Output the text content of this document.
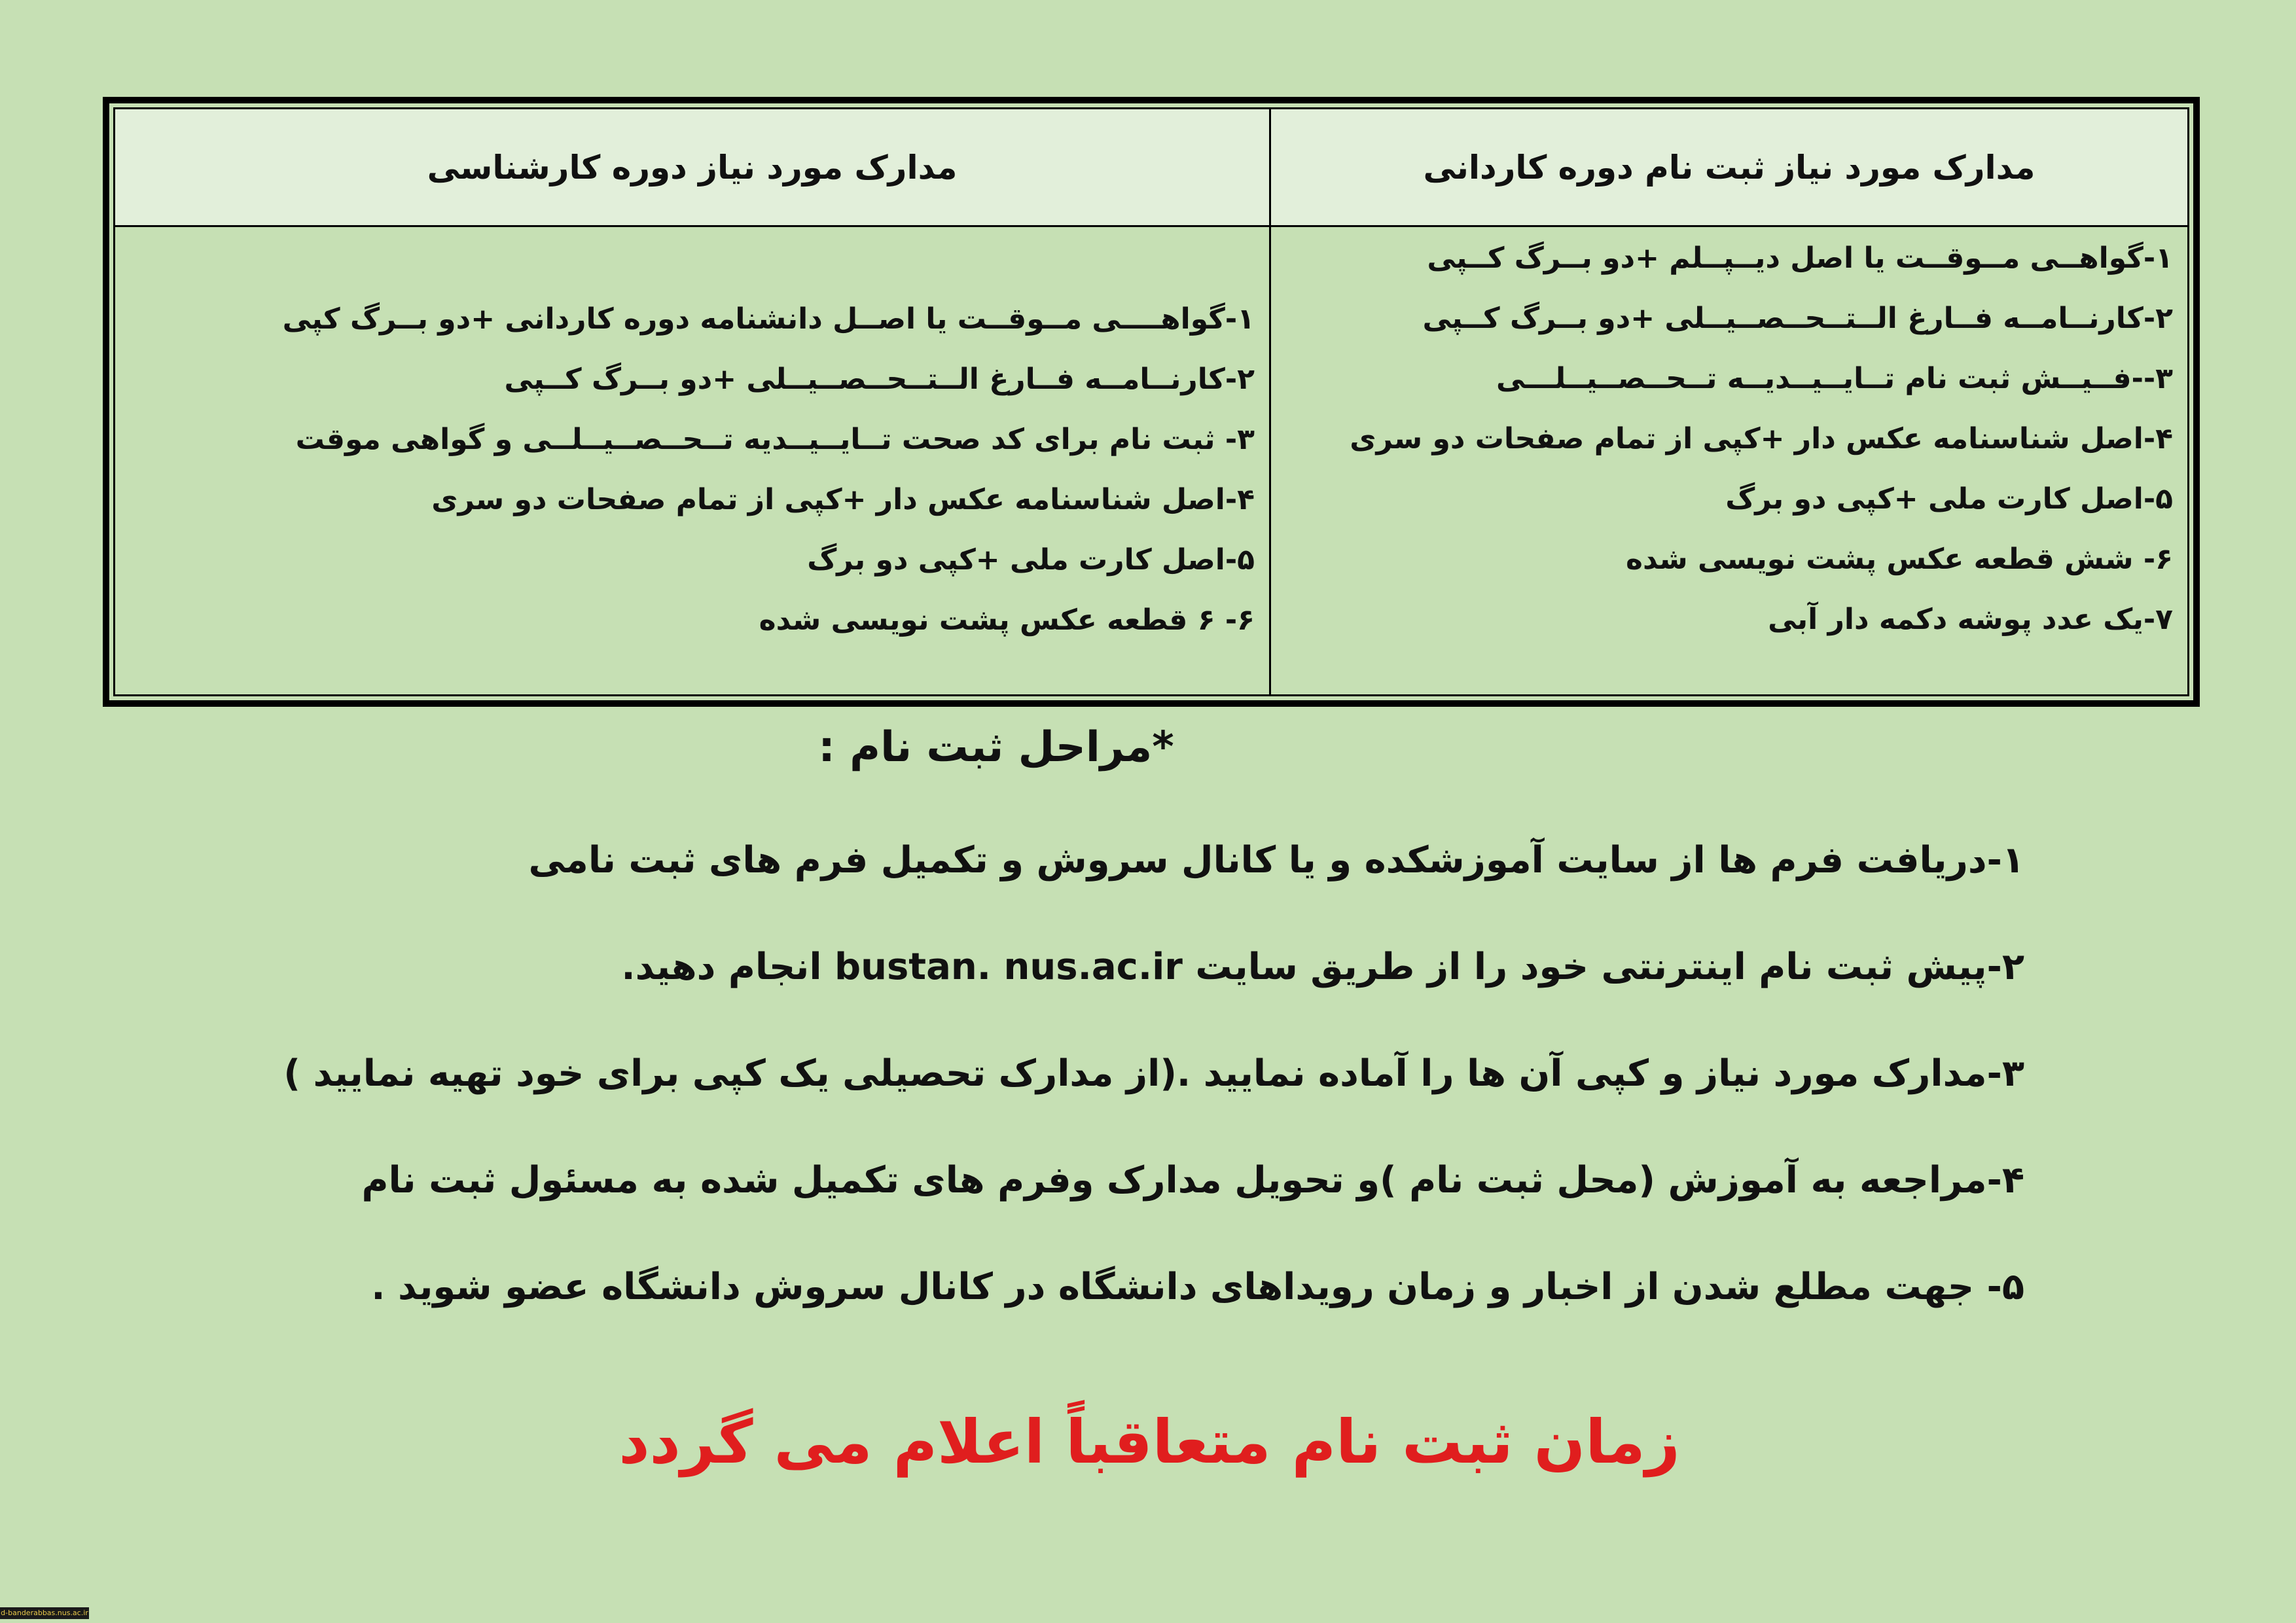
مدارک مورد نیاز دوره کارشناسی	مدارک مورد نیاز ثبت نام دوره کاردانی
۱-گواهــــی مــوقــت یا اصــل دانشنامه دوره کاردانی +دو بــرگ کپی
۲-کارنــامــه فــارغ الــتــحــصــیــلی +دو بــرگ کــپی
۳- ثبت نام برای کد صحت تــایــیــدیه تــحــصــیــلــی و گواهی موقت
۴-اصل شناسنامه عکس دار +کپی از تمام صفحات دو سری
۵-اصل کارت ملی +کپی دو برگ
۶- ۶ قطعه عکس پشت نویسی شده
۱-گواهــی مــوقــت یا اصل دیــپــلم +دو بــرگ کــپی
۲-کارنــامــه فــارغ الــتــحــصــیــلی +دو بــرگ کــپی
۳--فــیــش ثبت نام تــایــیــدیــه تــحــصــیــلـــی
۴-اصل شناسنامه عکس دار +کپی از تمام صفحات دو سری
۵-اصل کارت ملی +کپی دو برگ
۶- شش قطعه عکس پشت نویسی شده
۷-یک عدد پوشه دکمه دار آبی
*مراحل ثبت نام :
۱-دریافت فرم ها از سایت آموزشکده و یا کانال سروش و تکمیل فرم های ثبت نامی
۲-پیش ثبت نام اینترنتی خود را از طریق سایت bustan. nus.ac.ir انجام دهید.
۳-مدارک مورد نیاز و کپی آن ها را آماده نمایید .(از مدارک تحصیلی یک کپی برای خود تهیه نمایید )
۴-مراجعه به آموزش (محل ثبت نام )و تحویل مدارک وفرم های تکمیل شده به مسئول ثبت نام
۵- جهت مطلع شدن از اخبار و زمان رویداهای دانشگاه در کانال سروش دانشگاه عضو شوید .
زمان ثبت نام متعاقباً اعلام می گردد
d-banderabbas.nus.ac.ir
